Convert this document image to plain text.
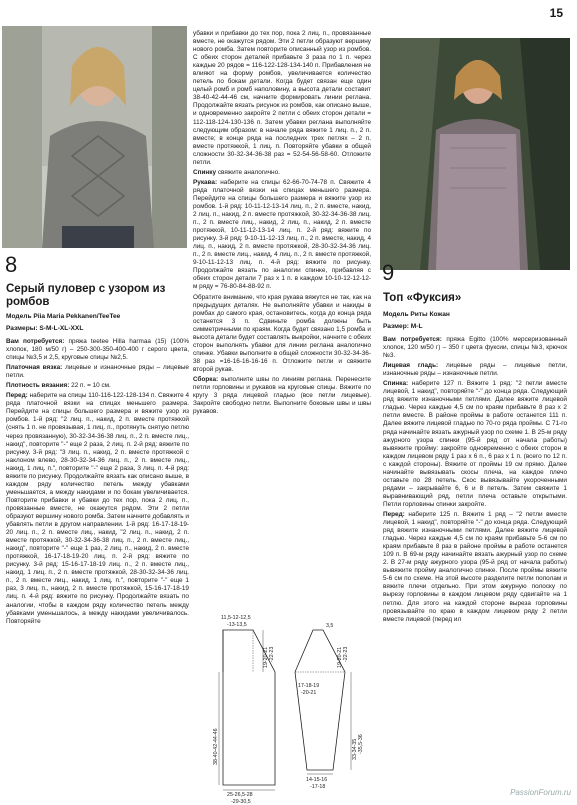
15
8
Серый пуловер с узором из ромбов
Модель Piia Maria Pekkanen/TeeTee
Размеры: S-M-L-XL-XXL

Вам потребуется: пряжа teetee Hilla harmaa (15) (100% хлопок, 180 м/50 г) – 250-300-350-400-400 г серого цвета, спицы №3,5 и 2,5, круговые спицы №2,5.

Платочная вязка: лицевые и изнаночные ряды – лицевые петли.

Плотность вязания: 22 п. = 10 см.

Перед: наберите на спицы 110-116-122-128-134 п. Свяжите 4 ряда платочной вязки на спицах меньшего размера. Перейдите на спицы большего размера и вяжите узор из ромбов. 1-й ряд: "2 лиц. п., накид, 2 п. вместе протяжкой (снять 1 п. не провязывая, 1 лиц. п., протянуть снятую петлю через провязанную), 30-32-34-36-38 лиц. п., 2 п. вместе лиц., накид", повторите "-" еще 2 раза, 2 лиц. п. 2-й ряд: вяжите по рисунку. 3-й ряд: "3 лиц. п., накид, 2 п. вместе протяжкой с наклоном влево, 28-30-32-34-36 лиц. п., 2 п. вместе лиц., накид, 1 лиц. п.", повторите "-" еще 2 раза, 3 лиц. п. 4-й ряд: вяжите по рисунку. Продолжайте вязать как описано выше, в каждом ряду количество петель между убавками уменьшается, а между накидами и по бокам увеличивается. Повторите прибавки и убавки до тех пор, пока 2 лиц. п., провязанные вместе, не окажутся рядом. Эти 2 петли образуют вершину нового ромба. Затем начните добавлять и убавлять петли в другом направлении. 1-й ряд: 16-17-18-19-20 лиц. п., 2 п. вместе лиц., накид, "2 лиц. п., накид, 2 п. вместе протяжкой, 30-32-34-36-38 лиц. п., 2 п. вместе лиц., накид", повторите "-" еще 1 раз, 2 лиц. п., накид, 2 п. вместе протяжкой, 16-17-18-19-20 лиц. п. 2-й ряд: вяжите по рисунку. 3-й ряд: 15-16-17-18-19 лиц. п., 2 п. вместе лиц., накид, 1 лиц. п., 2 п. вместе протяжкой, 28-30-32-34-36 лиц. п., 2 п. вместе лиц., накид, 1 лиц. п.", повторите "-" еще 1 раз, 3 лиц. п., накид, 2 п. вместе протяжкой, 15-16-17-18-19 лиц. п. 4-й ряд: вяжите по рисунку. Продолжайте вязать по аналогии, чтобы в каждом ряду количество петель между убавками уменьшалось, а между накидами увеличивалось. Повторяйте

убавки и прибавки до тех пор, пока 2 лиц. п., провязанные вместе, не окажутся рядом. Эти 2 петли образуют вершину нового ромба. Затем повторите описанный узор из ромбов. С обеих сторон деталей прибавьте 3 раза по 1 п. через каждые 20 рядов = 116-122-128-134-140 п. Прибавления не влияют на форму ромбов, увеличивается количество петель по бокам детали. Когда будет связан еще один целый ромб и ромб наполовину, а высота детали составит 38-40-42-44-46 см, начните формировать линии реглана. Продолжайте вязать рисунок из ромбов, как описано выше, и одновременно закройте 2 петли с обеих сторон детали = 112-118-124-130-136 п. Затем убавки реглана выполняйте следующим образом: в начале ряда вяжите 1 лиц. п., 2 п. вместе; в конце ряда на последних трех петлях – 2 п. вместе протяжкой, 1 лиц. п. Повторяйте убавки в общей сложности 30-32-34-36-38 раз = 52-54-56-58-60. Отложите петли.

Спинку свяжите аналогично.

Рукава: наберите на спицы 62-66-70-74-78 п. Свяжите 4 ряда платочной вязки на спицах меньшего размера. Перейдите на спицы большего размера и вяжите узор из ромбов. 1-й ряд: 10-11-12-13-14 лиц. п., 2 п. вместе, накид, 2 лиц. п., накид, 2 п. вместе протяжкой, 30-32-34-36-38 лиц. п., 2 п. вместе лиц., накид, 2 лиц. п., накид, 2 п. вместе протяжкой, 10-11-12-13-14 лиц. п. 2-й ряд: вяжите по рисунку. 3-й ряд: 9-10-11-12-13 лиц. п., 2 п. вместе, накид, 4 лиц. п., накид, 2 п. вместе протяжкой, 28-30-32-34-36 лиц. п., 2 п. вместе лиц., накид, 4 лиц. п., 2 п. вместе протяжкой, 9-10-11-12-13 лиц. п. 4-й ряд: вяжите по рисунку. Продолжайте вязать по аналогии спинке, прибавляя с обеих сторон детали 7 раз x 1 п. в каждом 10-10-12-12-12-м ряду = 76-80-84-88-92 п.

Обратите внимание, что края рукава вяжутся не так, как на предыдущих деталях. Не выполняйте убавки и накиды в ромбах до самого края, остановитесь, когда до конца ряда останется 3 п. Сдвиньте ромба должны быть симметричными по краям. Когда будет связано 1,5 ромба и высота детали будет составлять выкройки, начните с обеих сторон выполнять убавки для линии реглана аналогично спинке. Убавки выполните в общей сложности 30-32-34-36-38 раз =16-16-16-16-16 п. Отложите петли и свяжите второй рукав.

Сборка: выполните швы по линиям реглана. Перенесите петли горловины и рукавов на круговые спицы. Вяжите по кругу 3 ряда лицевой гладью (все петли лицевые). Закройте свободно петли. Выполните боковые швы и швы рукавов.

11,5-12-12,5
-13-13,5
19-20-21 -22-23
38-40-42-44-46
25-26,5-28
-29-30,5
3,5
17-18-19
-20-21
19-20-21 -22-23
33-34-35 -35,5-36
14-15-16
-17-18
9
Топ «Фуксия»
Модель Риты Кожан
Размер: M-L

Вам потребуется: пряжа Egitto (100% мерсеризованный хлопок, 120 м/50 г) – 350 г цвета фуксии, спицы №3, крючок №3.

Лицевая гладь: лицевые ряды – лицевые петли, изнаночные ряды – изнаночные петли.

Спинка: наберите 127 п. Вяжите 1 ряд: "2 петли вместе лицевой, 1 накид", повторяйте "-" до конца ряда. Следующий ряд вяжите изнаночными петлями. Далее вяжите лицевой гладью. Через каждые 4,5 см по краям прибавьте 8 раз x 2 петли вместе. В районе проймы в работе останется 111 п. Далее вяжите лицевой гладью по 70-го ряда проймы. С 71-го ряда начинайте вязать ажурный узор по схеме 1. В 25-м ряду ажурного узора спинки (95-й ряд от начала работы) вывяжите пройму: закройте одновременно с обеих сторон в каждом лицевом ряду 1 раз х 6 п., 6 раз х 1 п. (всего по 12 п. с каждой стороны). Вяжите от проймы 19 см прямо. Далее начинайте вывязывать скосы плеча, на каждое плечо оставьте по 28 петель. Скос вывязывайте укороченными рядами – закрывайте 6, 6 и 8 петель. Затем свяжите 1 выравнивающий ряд, петли плеча оставьте открытыми. Петли горловины спинки закройте.

Перед: наберите 125 п. Вяжите 1 ряд – "2 петли вместе лицевой, 1 накид", повторяйте "-" до конца ряда. Следующий ряд вяжите изнаночными петлями. Далее вяжите лицевой гладью. Через каждые 4,5 см по краям прибавьте 5-6 см по краям прибавьте 8 раз в районе проймы в работе останется 109 п. В 69-м ряду начинайте вязать ажурный узор по схеме 2. В 27-м ряду ажурного узора (95-й ряд от начала работы) вывяжите пройму аналогично спинке. После проймы вяжите 5-6 см по схеме. На этой высоте разделите петли пополам и вяжите плечи отдельно. При этом ажурную полоску по вырезу горловины в каждом лицевом ряду сдвигайте на 1 петлю. Для этого на каждой стороне выреза горловины провязывайте по краю в каждом лицевом ряду 2 петли вместе лицевой (перед ил

PassionForum.ru
